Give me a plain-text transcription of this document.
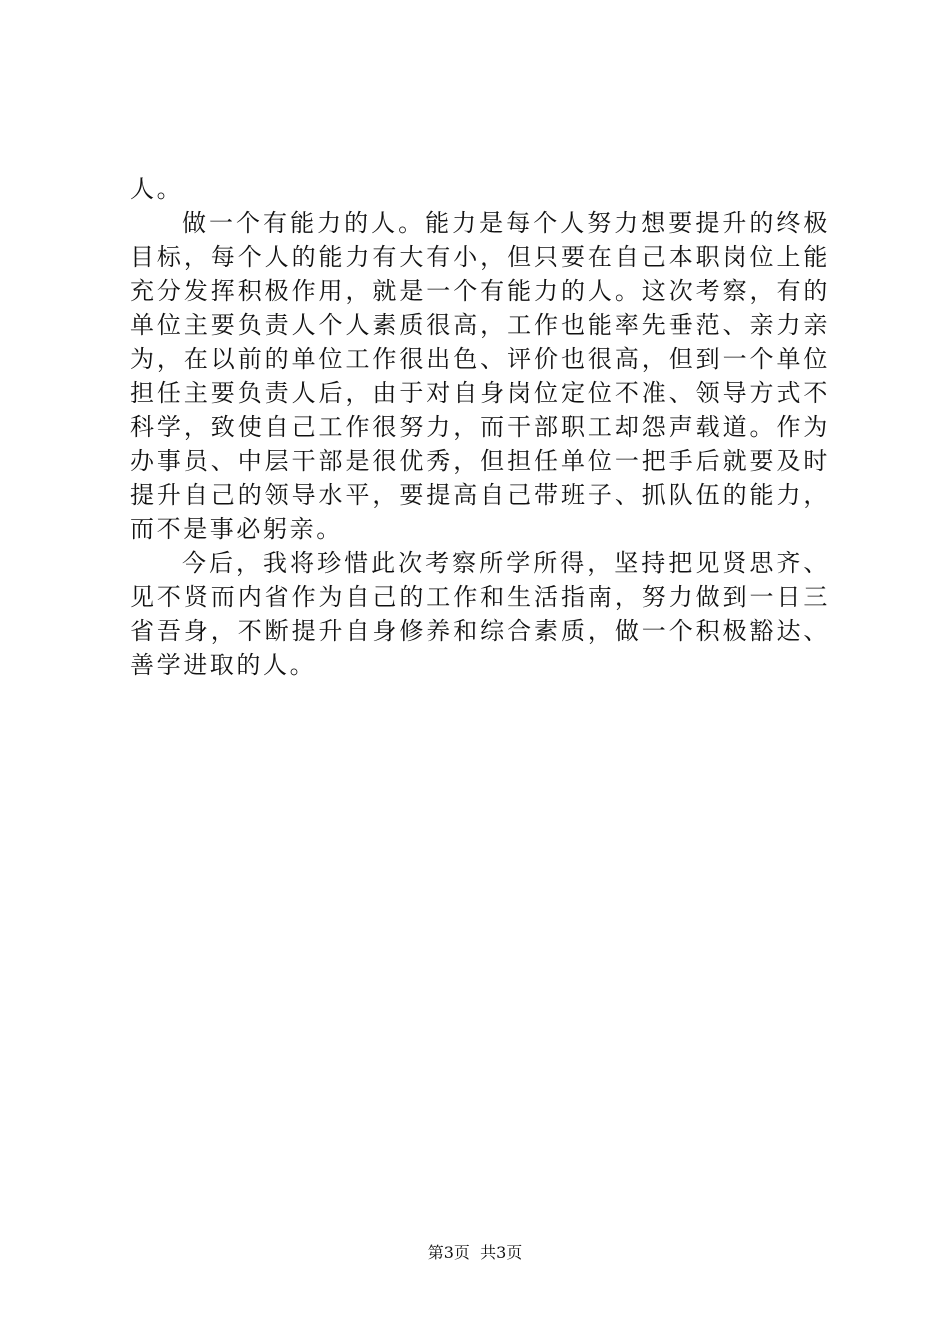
人。

做一个有能力的人。能力是每个人努力想要提升的终极目标，每个人的能力有大有小，但只要在自己本职岗位上能充分发挥积极作用，就是一个有能力的人。这次考察，有的单位主要负责人个人素质很高，工作也能率先垂范、亲力亲为，在以前的单位工作很出色、评价也很高，但到一个单位担任主要负责人后，由于对自身岗位定位不准、领导方式不科学，致使自己工作很努力，而干部职工却怨声载道。作为办事员、中层干部是很优秀，但担任单位一把手后就要及时提升自己的领导水平，要提高自己带班子、抓队伍的能力，而不是事必躬亲。

今后，我将珍惜此次考察所学所得，坚持把见贤思齐、见不贤而内省作为自己的工作和生活指南，努力做到一日三省吾身，不断提升自身修养和综合素质，做一个积极豁达、善学进取的人。

第3页 共3页
